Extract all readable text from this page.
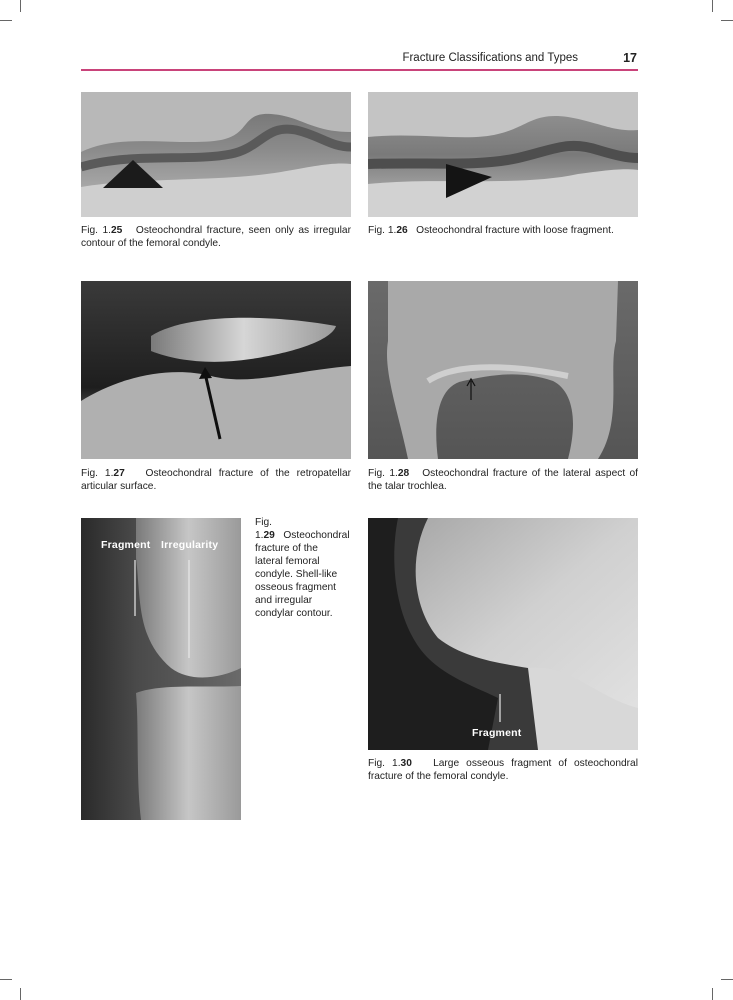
Fracture Classifications and Types	17
Fig. 1.25 Osteochondral fracture, seen only as irregular contour of the femoral condyle.
Fig. 1.26 Osteochondral fracture with loose fragment.
Fig. 1.27 Osteochondral fracture of the retropatellar articular surface.
Fig. 1.28 Osteochondral fracture of the lateral aspect of the talar trochlea.
Fragment Irregularity
Fig. 1.29 Osteochondral fracture of the lateral femoral condyle. Shell-like osseous fragment and irregular condylar contour.
Fragment
Fig. 1.30 Large osseous fragment of osteochondral fracture of the femoral condyle.
